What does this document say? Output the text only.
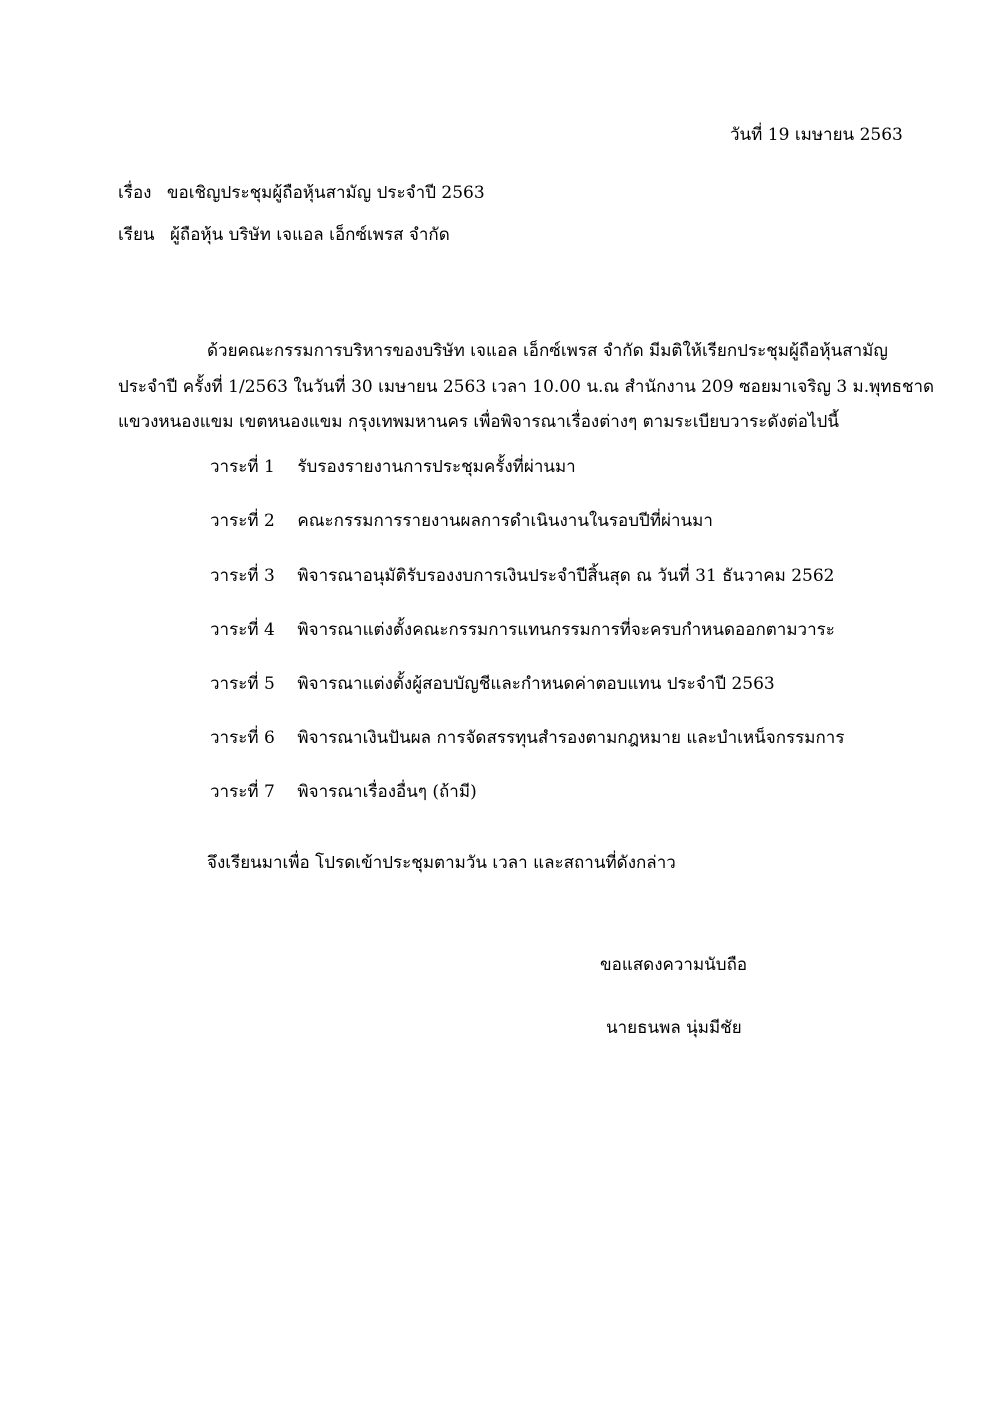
วันที่ 19 เมษายน 2563
เรื่อง ขอเชิญประชุมผู้ถือหุ้นสามัญ ประจำปี 2563
เรียน ผู้ถือหุ้น บริษัท เจแอล เอ็กซ์เพรส จำกัด
ด้วยคณะกรรมการบริหารของบริษัท เจแอล เอ็กซ์เพรส จำกัด มีมติให้เรียกประชุมผู้ถือหุ้นสามัญ
ประจำปี ครั้งที่ 1/2563 ในวันที่ 30 เมษายน 2563 เวลา 10.00 น.ณ สำนักงาน 209 ซอยมาเจริญ 3 ม.พุทธชาด
แขวงหนองแขม เขตหนองแขม กรุงเทพมหานคร เพื่อพิจารณาเรื่องต่างๆ ตามระเบียบวาระดังต่อไปนี้
วาระที่ 1 รับรองรายงานการประชุมครั้งที่ผ่านมา
วาระที่ 2 คณะกรรมการรายงานผลการดำเนินงานในรอบปีที่ผ่านมา
วาระที่ 3 พิจารณาอนุมัติรับรองงบการเงินประจำปีสิ้นสุด ณ วันที่ 31 ธันวาคม 2562
วาระที่ 4 พิจารณาแต่งตั้งคณะกรรมการแทนกรรมการที่จะครบกำหนดออกตามวาระ
วาระที่ 5 พิจารณาแต่งตั้งผู้สอบบัญชีและกำหนดค่าตอบแทน ประจำปี 2563
วาระที่ 6 พิจารณาเงินปันผล การจัดสรรทุนสำรองตามกฎหมาย และบำเหน็จกรรมการ
วาระที่ 7 พิจารณาเรื่องอื่นๆ (ถ้ามี)
จึงเรียนมาเพื่อ โปรดเข้าประชุมตามวัน เวลา และสถานที่ดังกล่าว
ขอแสดงความนับถือ
นายธนพล นุ่มมีชัย
